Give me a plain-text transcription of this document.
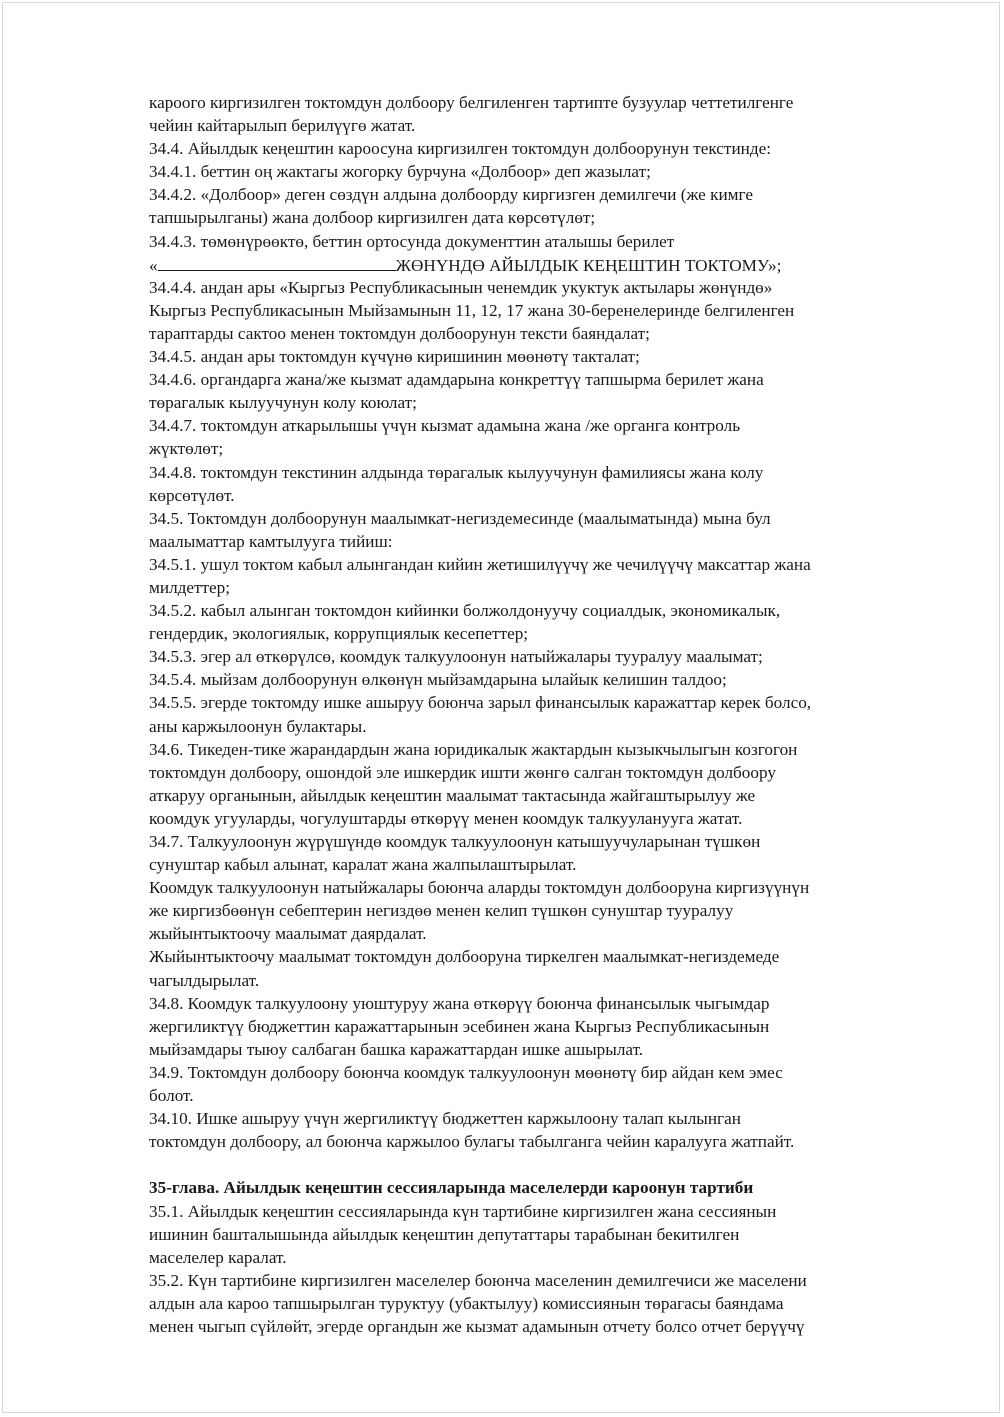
кароого киргизилген токтомдун долбоору белгиленген тартипте бузуулар четтетилгенге
чейин кайтарылып берилүүгө жатат.
34.4. Айылдык кеңештин кароосуна киргизилген токтомдун долбоорунун текстинде:
34.4.1. беттин оң жактагы жогорку бурчуна «Долбоор» деп жазылат;
34.4.2. «Долбоор» деген сөздүн алдына долбоорду киргизген демилгечи (же кимге
тапшырылганы) жана долбоор киргизилген дата көрсөтүлөт;
34.4.3. төмөнүрөөктө, беттин ортосунда документтин аталышы берилет
«	ЖӨНҮНДӨ АЙЫЛДЫК КЕҢЕШТИН ТОКТОМУ»;
34.4.4. андан ары «Кыргыз Республикасынын ченемдик укуктук актылары жөнүндө»
Кыргыз Республикасынын Мыйзамынын 11, 12, 17 жана 30-беренелеринде белгиленген
тараптарды сактоо менен токтомдун долбоорунун тексти баяндалат;
34.4.5. андан ары токтомдун күчүнө киришинин мөөнөтү такталат;
34.4.6. органдарга жана/же кызмат адамдарына конкреттүү тапшырма берилет жана
төрагалык кылуучунун колу коюлат;
34.4.7. токтомдун аткарылышы үчүн кызмат адамына жана /же органга контроль
жүктөлөт;
34.4.8. токтомдун текстинин алдында төрагалык кылуучунун фамилиясы жана колу
көрсөтүлөт.
34.5. Токтомдун долбоорунун маалымкат-негиздемесинде (маалыматында) мына бул
маалыматтар камтылууга тийиш:
34.5.1. ушул токтом кабыл алынгандан кийин жетишилүүчү же чечилүүчү максаттар жана
милдеттер;
34.5.2. кабыл алынган токтомдон кийинки болжолдонуучу социалдык, экономикалык,
гендердик, экологиялык, коррупциялык кесепеттер;
34.5.3. эгер ал өткөрүлсө, коомдук талкуулоонун натыйжалары тууралуу маалымат;
34.5.4. мыйзам долбоорунун өлкөнүн мыйзамдарына ылайык келишин талдоо;
34.5.5. эгерде токтомду ишке ашыруу боюнча зарыл финансылык каражаттар керек болсо,
аны каржылоонун булактары.
34.6. Тикеден-тике жарандардын жана юридикалык жактардын кызыкчылыгын козгогон
токтомдун долбоору, ошондой эле ишкердик ишти жөнгө салган токтомдун долбоору
аткаруу органынын, айылдык кеңештин маалымат тактасында жайгаштырылуу же
коомдук угууларды, чогулуштарды өткөрүү менен коомдук талкууланууга жатат.
34.7. Талкуулоонун жүрүшүндө коомдук талкуулоонун катышуучуларынан түшкөн
сунуштар кабыл алынат, каралат жана жалпылаштырылат.
Коомдук талкуулоонун натыйжалары боюнча аларды токтомдун долбооруна киргизүүнүн
же киргизбөөнүн себептерин негиздөө менен келип түшкөн сунуштар тууралуу
жыйынтыктоочу маалымат даярдалат.
Жыйынтыктоочу маалымат токтомдун долбооруна тиркелген маалымкат-негиздемеде
чагылдырылат.
34.8. Коомдук талкуулоону уюштуруу жана өткөрүү боюнча финансылык чыгымдар
жергиликтүү бюджеттин каражаттарынын эсебинен жана Кыргыз Республикасынын
мыйзамдары тыюу салбаган башка каражаттардан ишке ашырылат.
34.9. Токтомдун долбоору боюнча коомдук талкуулоонун мөөнөтү бир айдан кем эмес
болот.
34.10. Ишке ашыруу үчүн жергиликтүү бюджеттен каржылоону талап кылынган
токтомдун долбоору, ал боюнча каржылоо булагы табылганга чейин каралууга жатпайт.
35-глава. Айылдык кеңештин сессияларында маселелерди кароонун тартиби
35.1. Айылдык кеңештин сессияларында күн тартибине киргизилген жана сессиянын
ишинин башталышында айылдык кеңештин депутаттары тарабынан бекитилген
маселелер каралат.
35.2. Күн тартибине киргизилген маселелер боюнча маселенин демилгечиси же маселени
алдын ала кароо тапшырылган туруктуу (убактылуу) комиссиянын төрагасы баяндама
менен чыгып сүйлөйт, эгерде органдын же кызмат адамынын отчету болсо отчет берүүчү
